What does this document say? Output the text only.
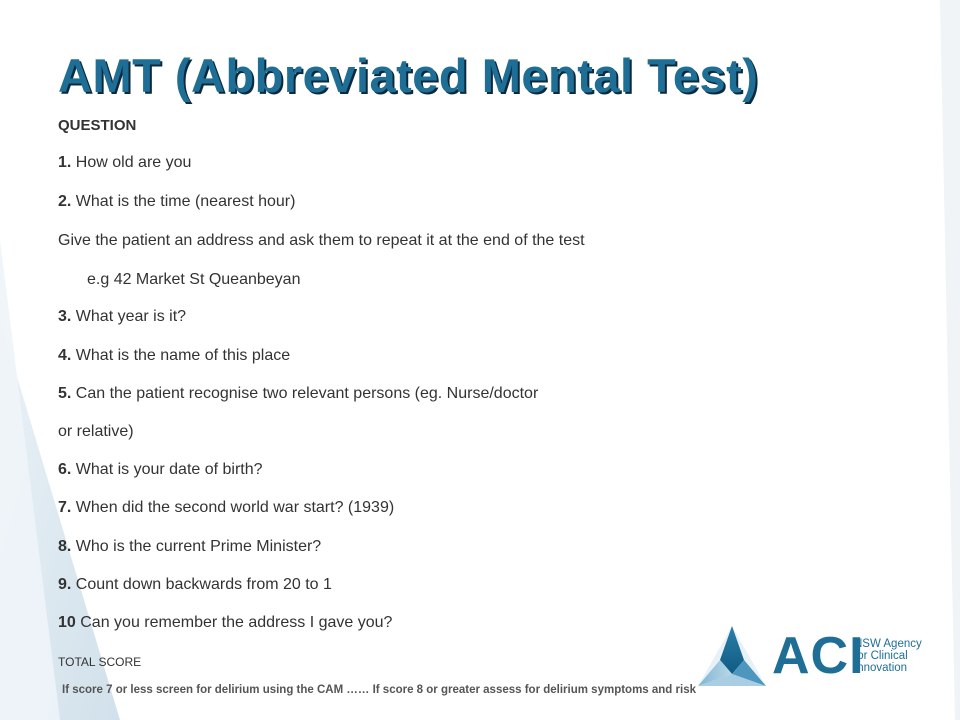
AMT (Abbreviated Mental Test)
QUESTION
1. How old are you
2. What is the time (nearest hour)
Give the patient an address and ask them to repeat it at the end of the test
e.g 42 Market St Queanbeyan
3. What year is it?
4. What is the name of this place
5. Can the patient recognise two relevant persons (eg. Nurse/doctor
or relative)
6. What is your date of birth?
7. When did the second world war start? (1939)
8. Who is the current Prime Minister?
9. Count down backwards from 20 to 1
10 Can you remember the address I gave you?
TOTAL SCORE
If score 7 or less screen for delirium using the CAM …… If score 8 or greater assess for delirium symptoms and risk
ACI
NSW Agency
for Clinical
Innovation
